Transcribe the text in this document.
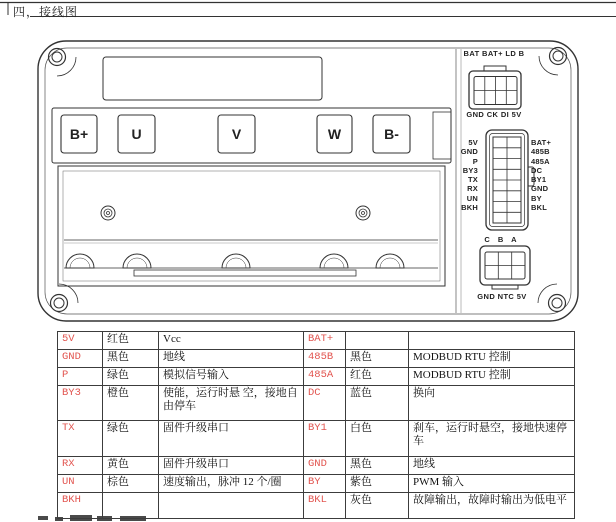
四，接线图
B+	U	V	W	B-
BAT BAT+ LD B
GND CK DI 5V
5V
GND
P
BY3
TX
RX
UN
BKH
BAT+
485B
485A
DC
BY1
GND
BY
BKL
C B A
GND NTC 5V
5V	红色	Vcc	BAT+		
GND	黑色	地线	485B	黑色	MODBUD RTU 控制
P	绿色	模拟信号输入	485A	红色	MODBUD RTU 控制
BY3	橙色	使能，运行时悬 空，接地自由停车	DC	蓝色	换向
TX	绿色	固件升级串口	BY1	白色	刹车，运行时悬空，接地快速停车
RX	黄色	固件升级串口	GND	黑色	地线
UN	棕色	速度输出，脉冲 12 个/圈	BY	紫色	PWM 输入
BKH			BKL	灰色	故障输出，故障时输出为低电平
